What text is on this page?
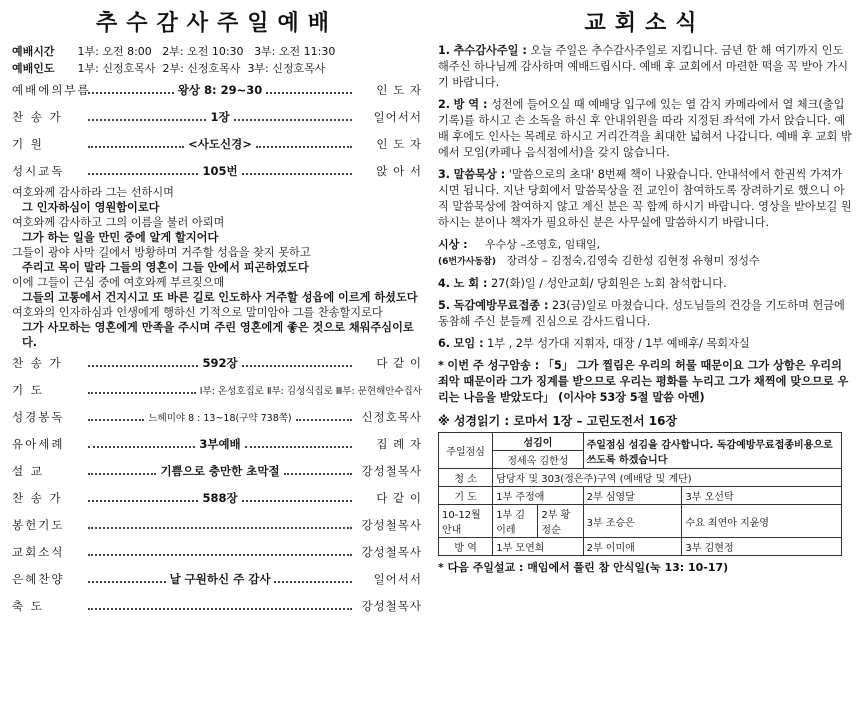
추수감사주일예배
예배시간 1부: 오전 8:00 2부: 오전 10:30 3부: 오전 11:30
예배인도 1부: 신정호목사 2부: 신정호목사 3부: 신정호목사
예배에의부름	왕상 8: 29~30	인 도 자
찬 송 가	1장	일어서서
기 원	<사도신경>	인 도 자
성시교독	105번	앉 아 서

여호와께 감사하라 그는 선하시며

그 인자하심이 영원함이로다

여호와께 감사하고 그의 이름을 불러 아뢰며

그가 하는 일을 만민 중에 알게 할지어다

그들이 광야 사막 길에서 방황하며 거주할 성읍을 찾지 못하고

주리고 목이 말라 그들의 영혼이 그들 안에서 피곤하였도다

이에 그들이 근심 중에 여호와께 부르짖으매

그들의 고통에서 건지시고 또 바른 길로 인도하사 거주할 성읍에 이르게 하셨도다

여호와의 인자하심과 인생에게 행하신 기적으로 말미암아 그를 찬송할지로다

그가 사모하는 영혼에게 만족을 주시며 주린 영혼에게 좋은 것으로 채워주심이로다.

찬 송 가	592장	다 같 이
기 도	Ⅰ부: 온성호집로 Ⅱ부: 김성식집로 Ⅲ부: 문현해안수집사
성경봉독	느헤미야 8 : 13~18(구약 738쪽)	신정호목사
유아세례	3부예배	집 례 자
설 교	기쁨으로 충만한 초막절	강성철목사
찬 송 가	588장	다 같 이
봉헌기도	강성철목사
교회소식	강성철목사
은혜찬양	날 구원하신 주 감사	일어서서
축 도	강성철목사
교회소식
1. 추수감사주일 : 오늘 주일은 추수감사주일로 지킵니다. 금년 한 해 여기까지 인도해주신 하나님께 감사하며 예배드립시다. 예배 후 교회에서 마련한 떡을 꼭 받아 가시기 바랍니다.
2. 방 역 : 성전에 들어오실 때 예배당 입구에 있는 열 감지 카메라에서 열 체크(출입기록)를 하시고 손 소독을 하신 후 안내위원을 따라 지정된 좌석에 가서 앉습니다. 예배 후에도 인사는 목례로 하시고 거리간격을 최대한 넓혀서 나갑니다. 예배 후 교회 밖에서 모임(카페나 음식점에서)을 갖지 않습니다.
3. 말씀묵상 : '말씀으로의 초대' 8번째 책이 나왔습니다. 안내석에서 한권씩 가져가시면 됩니다. 지난 당회에서 말씀묵상을 전 교인이 참여하도록 장려하기로 했으니 아직 말씀묵상에 참여하지 않고 계신 분은 꼭 함께 하시기 바랍니다. 영상을 받아보길 원하시는 분이나 책자가 필요하신 분은 사무실에 말씀하시기 바랍니다.
시상 : 우수상 –조영호, 임태일,
(6번가사동참) 장려상 – 김정숙,김영숙 김한성 김현정 유형미 정성수
4. 노 회 : 27(화)일 / 성안교회/ 당회원은 노회 참석합니다.
5. 독감예방무료접종 : 23(금)일로 마쳤습니다. 성도님들의 건강을 기도하며 헌금에 동참해 주신 분들께 진심으로 감사드립니다.
6. 모임 : 1부 , 2부 성가대 지휘자, 대장 / 1부 예배후/ 목회자실
* 이번 주 성구암송 : 「5」 그가 찔림은 우리의 허물 때문이요 그가 상함은 우리의 죄악 때문이라 그가 징계를 받으므로 우리는 평화를 누리고 그가 채찍에 맞으므로 우리는 나음을 받았도다」 (이사야 53장 5절 말씀 아멘)
※ 성경읽기 : 로마서 1장 – 고린도전서 16장
주일점심	섬김이		주일점심 섬김을 감사합니다. 독감예방무료접종비용으로 쓰도록 하겠습니다	
	정세옥 김한성			
청 소	담당자 및 303(정은주)구역 (예배당 및 계단)			
기 도	1부 주정애		2부 심영달	3부 오선탁
10-12월안내	1부 김이레	2부 황정순	3부 조승은	수요 최연아 지윤영
방 역	1부 모연희		2부 이미애	3부 김현정
* 다음 주일설교 : 매임에서 풀린 참 안식일(눅 13: 10-17)
